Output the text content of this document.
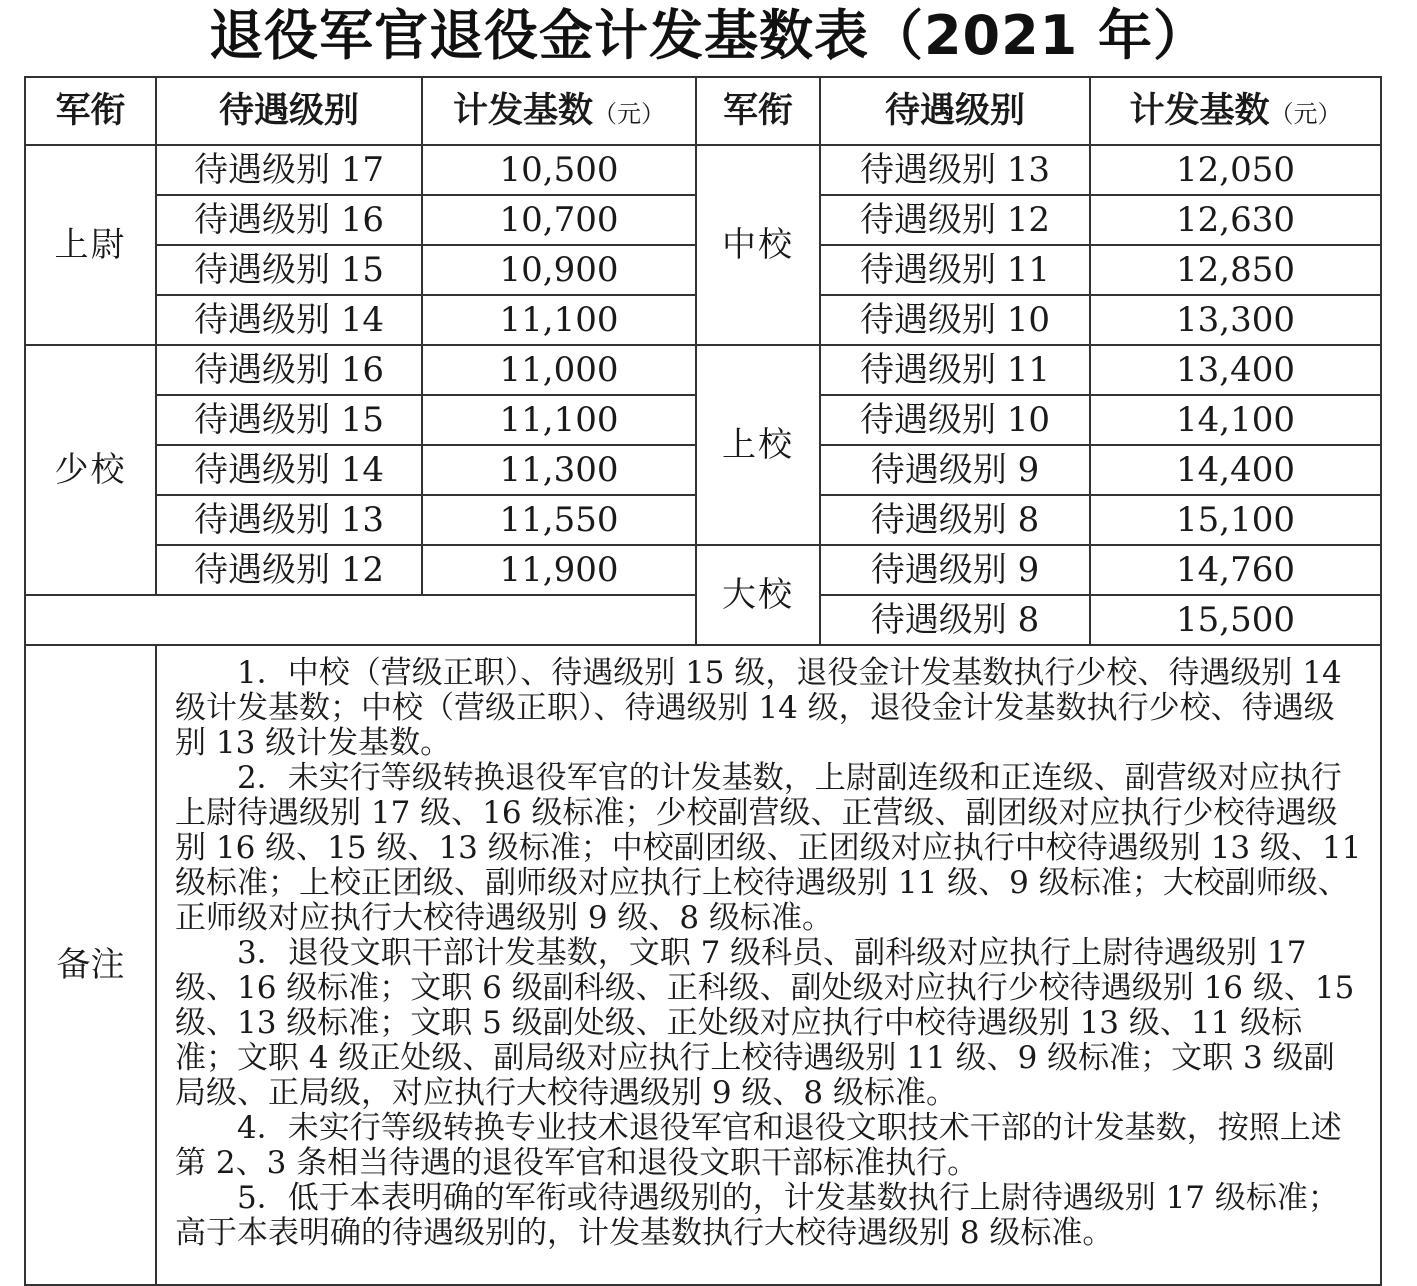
退役军官退役金计发基数表（2021 年）
军衔	待遇级别	计发基数（元）	军衔	待遇级别	计发基数（元）
上尉	待遇级别 17	10,500	中校	待遇级别 13	12,050
	待遇级别 16	10,700		待遇级别 12	12,630
	待遇级别 15	10,900		待遇级别 11	12,850
	待遇级别 14	11,100		待遇级别 10	13,300
少校	待遇级别 16	11,000	上校	待遇级别 11	13,400
	待遇级别 15	11,100		待遇级别 10	14,100
	待遇级别 14	11,300		待遇级别 9	14,400
	待遇级别 13	11,550		待遇级别 8	15,100
	待遇级别 12	11,900	大校	待遇级别 9	14,760
				待遇级别 8	15,500
备注	1．中校（营级正职）、待遇级别 15 级，退役金计发基数执行少校、待遇级别 14 级计发基数；中校（营级正职）、待遇级别 14 级，退役金计发基数执行少校、待遇级别 13 级计发基数。

2．未实行等级转换退役军官的计发基数，上尉副连级和正连级、副营级对应执行上尉待遇级别 17 级、16 级标准；少校副营级、正营级、副团级对应执行少校待遇级别 16 级、15 级、13 级标准；中校副团级、正团级对应执行中校待遇级别 13 级、11 级标准；上校正团级、副师级对应执行上校待遇级别 11 级、9 级标准；大校副师级、正师级对应执行大校待遇级别 9 级、8 级标准。

3．退役文职干部计发基数，文职 7 级科员、副科级对应执行上尉待遇级别 17 级、16 级标准；文职 6 级副科级、正科级、副处级对应执行少校待遇级别 16 级、15 级、13 级标准；文职 5 级副处级、正处级对应执行中校待遇级别 13 级、11 级标准；文职 4 级正处级、副局级对应执行上校待遇级别 11 级、9 级标准；文职 3 级副局级、正局级，对应执行大校待遇级别 9 级、8 级标准。

4．未实行等级转换专业技术退役军官和退役文职技术干部的计发基数，按照上述第 2、3 条相当待遇的退役军官和退役文职干部标准执行。

5．低于本表明确的军衔或待遇级别的，计发基数执行上尉待遇级别 17 级标准；高于本表明确的待遇级别的，计发基数执行大校待遇级别 8 级标准。				
